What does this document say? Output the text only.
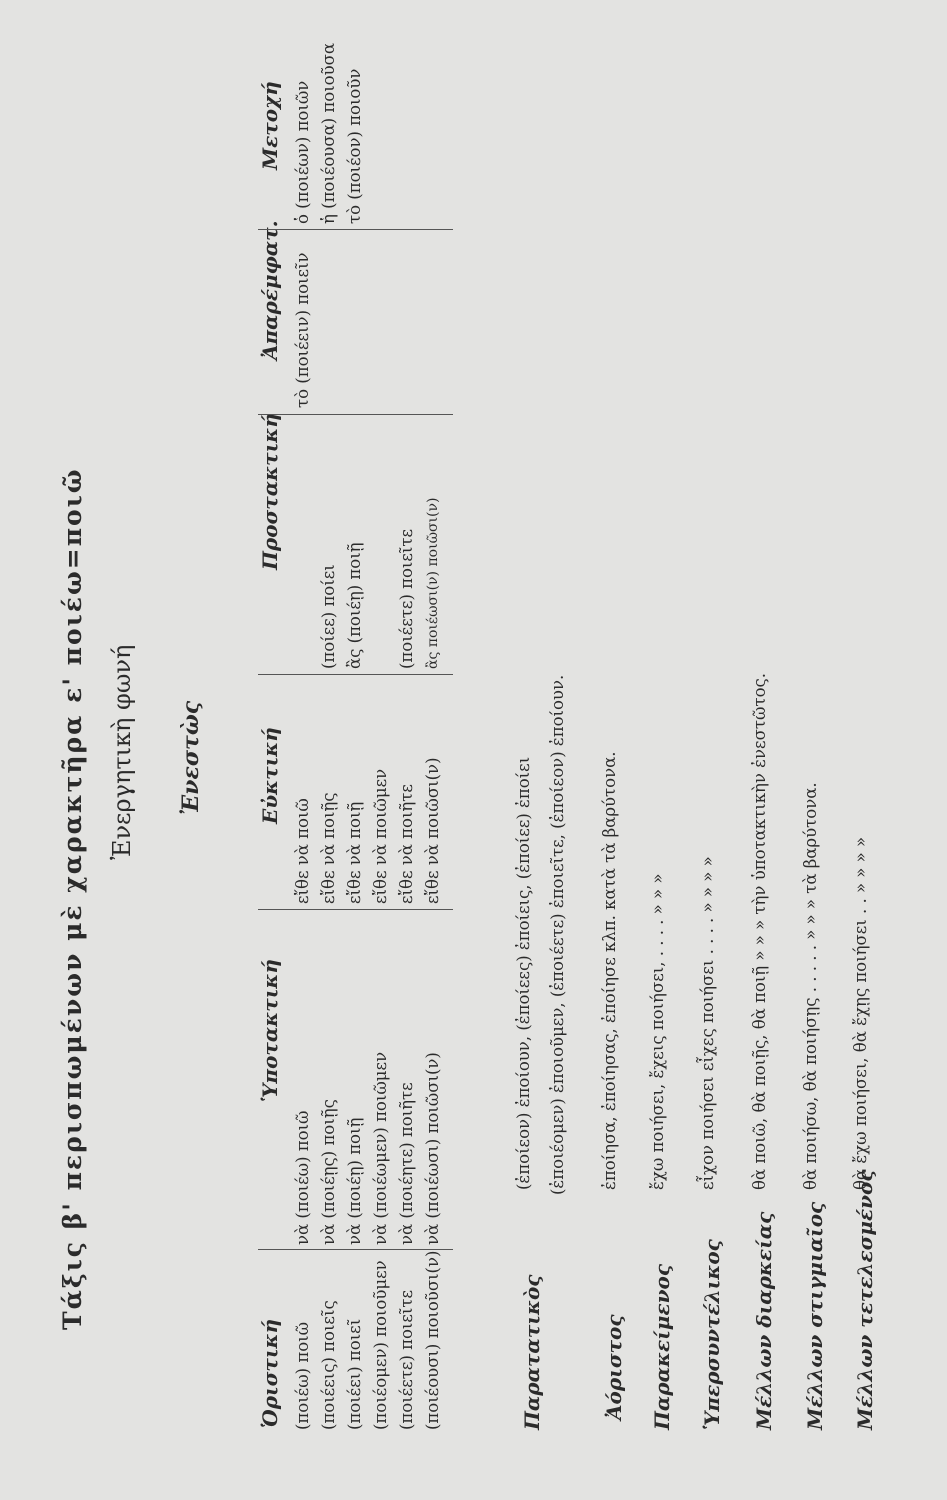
Τάξις β' περισπωμένων μὲ χαρακτῆρα ε' ποιέω=ποιῶ Ἐνεργητικὴ φωνή Ἐνεστὼς
Ὁριστική
Ὑποτακτική
Εὐκτική
Προστακτική
Ἀπαρέμφατ.
Μετοχή
(ποιέω) ποιῶ (ποιέεις) ποιεῖς (ποιέει) ποιεῖ (ποιέομεν) ποιοῦμεν (ποιέετε) ποιεῖτε (ποιέουσι) ποιοῦσι(ν)
νὰ (ποιέω) ποιῶ νὰ (ποιέῃς) ποιῇς νὰ (ποιέῃ) ποιῇ νὰ (ποιέωμεν) ποιῶμεν νὰ (ποιέητε) ποιῆτε νὰ (ποιέωσι) ποιῶσι(ν)
εἴθε νὰ ποιῶ εἴθε νὰ ποιῇς εἴθε νὰ ποιῇ εἴθε νὰ ποιῶμεν εἴθε νὰ ποιῆτε εἴθε νὰ ποιῶσι(ν)
(ποίεε) ποίει ἂς (ποιέῃ) ποιῇ (ποιέετε) ποιεῖτε ἂς ποιέωσι(ν) ποιῶσι(ν)
τὸ (ποιέειν) ποιεῖν
ὁ (ποιέων) ποιῶν ἡ (ποιέουσα) ποιοῦσα τὸ (ποιέον) ποιοῦν
Παρατατικὸς
(ἐποίεον) ἐποίουν, (ἐποίεες) ἐποίεις, (ἐποίεε) ἐποίει (ἐποιέομεν) ἐποιοῦμεν, (ἐποιέετε) ἐποιεῖτε, (ἐποίεον) ἐποίουν.
Ἀόριστος
ἐποίησα, ἐποίησας, ἐποίησε κλπ. κατὰ τὰ βαρύτονα.
Παρακείμενος
ἔχω ποιήσει, ἔχεις ποιήσει, . . . . » » »
Ὑπερσυντέλικος
εἶχον ποιήσει εἶχες ποιήσει . . . . » » » »
Μέλλων διαρκείας
θὰ ποιῶ, θὰ ποιῇς, θὰ ποιῇ » » » τὴν ὑποτακτικὴν ἐνεστῶτος.
Μέλλων στιγμιαῖος
θὰ ποιήσω, θὰ ποιήσῃς . . . . . » » » τὰ βαρύτονα.
Μέλλων τετελεσμένος
θὰ ἔχω ποιήσει, θὰ ἔχῃς ποιήσει . . » » » »
